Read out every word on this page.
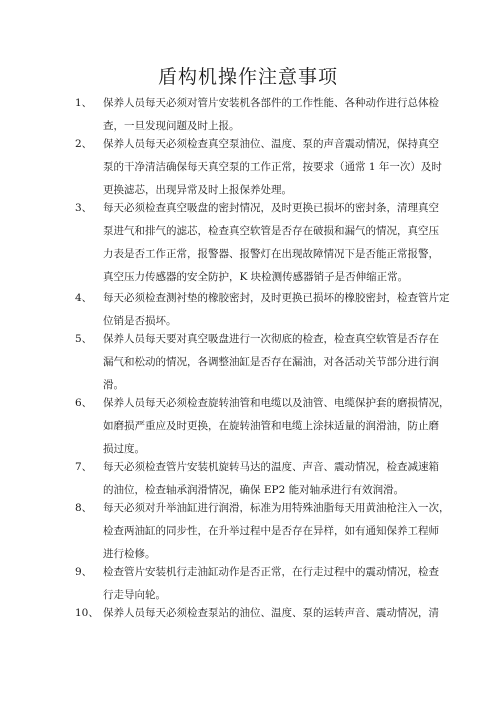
盾构机操作注意事项
1、 保养人员每天必须对管片安装机各部件的工作性能、各种动作进行总体检
查，一旦发现问题及时上报。
2、 保养人员每天必须检查真空泵油位、温度、泵的声音震动情况，保持真空
泵的干净清洁确保每天真空泵的工作正常，按要求（通常 1 年一次）及时
更换滤芯，出现异常及时上报保养处理。
3、 每天必须检查真空吸盘的密封情况，及时更换已损坏的密封条，清理真空
泵进气和排气的滤芯，检查真空软管是否存在破损和漏气的情况，真空压
力表是否工作正常，报警器、报警灯在出现故障情况下是否能正常报警，
真空压力传感器的安全防护，K 块检测传感器销子是否伸缩正常。
4、 每天必须检查测衬垫的橡胶密封，及时更换已损坏的橡胶密封，检查管片定
位销是否损坏。
5、 保养人员每天要对真空吸盘进行一次彻底的检查，检查真空软管是否存在
漏气和松动的情况，各调整油缸是否存在漏油，对各活动关节部分进行润
滑。
6、 保养人员每天必须检查旋转油管和电缆以及油管、电缆保护套的磨损情况，
如磨损严重应及时更换，在旋转油管和电缆上涂抹适量的润滑油，防止磨
损过度。
7、 每天必须检查管片安装机旋转马达的温度、声音、震动情况，检查减速箱
的油位，检查轴承润滑情况，确保 EP2 能对轴承进行有效润滑。
8、 每天必须对升举油缸进行润滑，标准为用特殊油脂每天用黄油枪注入一次，
检查两油缸的同步性，在升举过程中是否存在异样，如有通知保养工程师
进行检修。
9、 检查管片安装机行走油缸动作是否正常，在行走过程中的震动情况，检查
行走导向轮。
10、 保养人员每天必须检查泵站的油位、温度、泵的运转声音、震动情况，清
